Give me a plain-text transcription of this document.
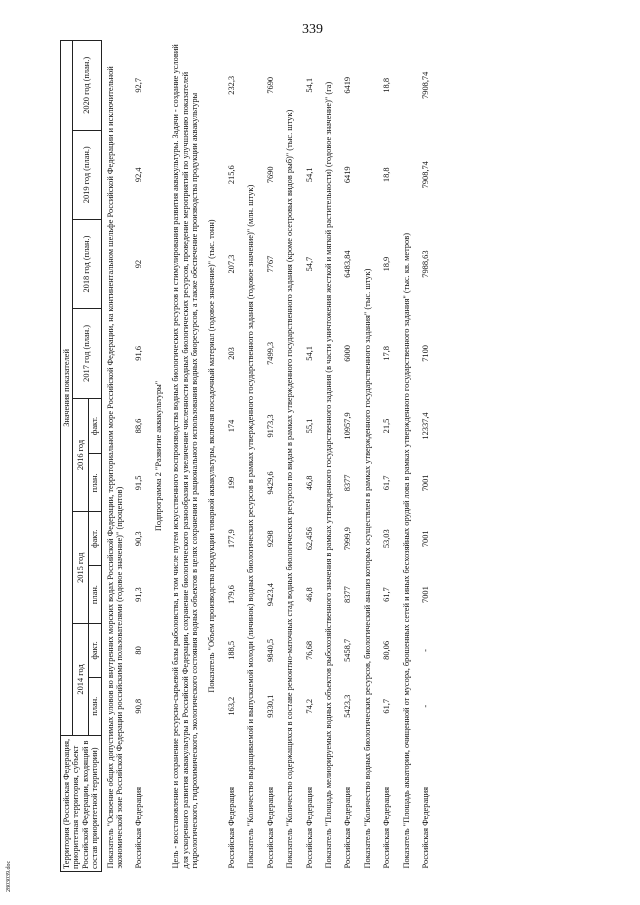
339
Территория (Российская Федерация, приоритетная территория, субъект Российской Федерации, входящий в состав приоритетной территории)	Значения показателей									
	2014 год		2015 год		2016 год		2017 год (план.)	2018 год (план.)	2019 год (план.)	2020 год (план.)
	план.	факт.	план.	факт.	план.	факт.				
Показатель "Освоение общих допустимых уловов во внутренних морских водах Российской Федерации, территориальном море Российской Федерации, на континентальном шельфе Российской Федерации и исключительной экономической зоне Российской Федерации российскими пользователями (годовое значение)" (процентов)										
Российская Федерация	90,8	80	91,3	90,3	91,5	88,6	91,6	92	92,4	92,7
Подпрограмма 2 "Развитие аквакультуры"										
Цель - восстановление и сохранение ресурсно-сырьевой базы рыболовства, в том числе путем искусственного воспроизводства водных биологических ресурсов и стимулирования развития аквакультуры. Задачи - создание условий для ускоренного развития аквакультуры в Российской Федерации, сохранение биологического разнообразия и увеличение численности водных биологических ресурсов, проведение мероприятий по улучшению показателей гидрологического, гидрохимического, экологического состояния водных объектов в целях сохранения и рационального использования водных биоресурсов, а также обеспечение производства продукции аквакультуры										
Показатель "Объем производства продукции товарной аквакультуры, включая посадочный материал (годовое значение)" (тыс. тонн)										
Российская Федерация	163,2	188,5	179,6	177,9	199	174	203	207,3	215,6	232,3
Показатель "Количество выращиваемой и выпускаемой молоди (личинок) водных биологических ресурсов в рамках утвержденного государственного задания (годовое значение)" (млн. штук)										
Российская Федерация	9330,1	9840,5	9423,4	9298	9429,6	9173,3	7499,3	7767	7690	7690
Показатель "Количество содержащихся в составе ремонтно-маточных стад водных биологических ресурсов по видам в рамках утвержденного государственного задания (кроме осетровых видов рыб)" (тыс. штук)										
Российская Федерация	74,2	76,68	46,8	62,456	46,8	55,1	54,1	54,7	54,1	54,1
Показатель "Площадь мелиорируемых водных объектов рыбохозяйственного значения в рамках утвержденного государственного задания (в части уничтожения жесткой и мягкой растительности) (годовое значение)" (га)										
Российская Федерация	5423,3	5458,7	8377	7999,9	8377	10957,9	6000	6483,84	6419	6419
Показатель "Количество водных биологических ресурсов, биологический анализ которых осуществлен в рамках утвержденного государственного задания" (тыс. штук)										
Российская Федерация	61,7	80,06	61,7	53,03	61,7	21,5	17,8	18,9	18,8	18,8
Показатель "Площадь акватории, очищенной от мусора, брошенных сетей и иных бесхозяйных орудий лова в рамках утвержденного государственного задания" (тыс. кв. метров)										
Российская Федерация	-	-	7001	7001	7001	12337,4	7100	7988,63	7908,74	7908,74
2803039.doc
